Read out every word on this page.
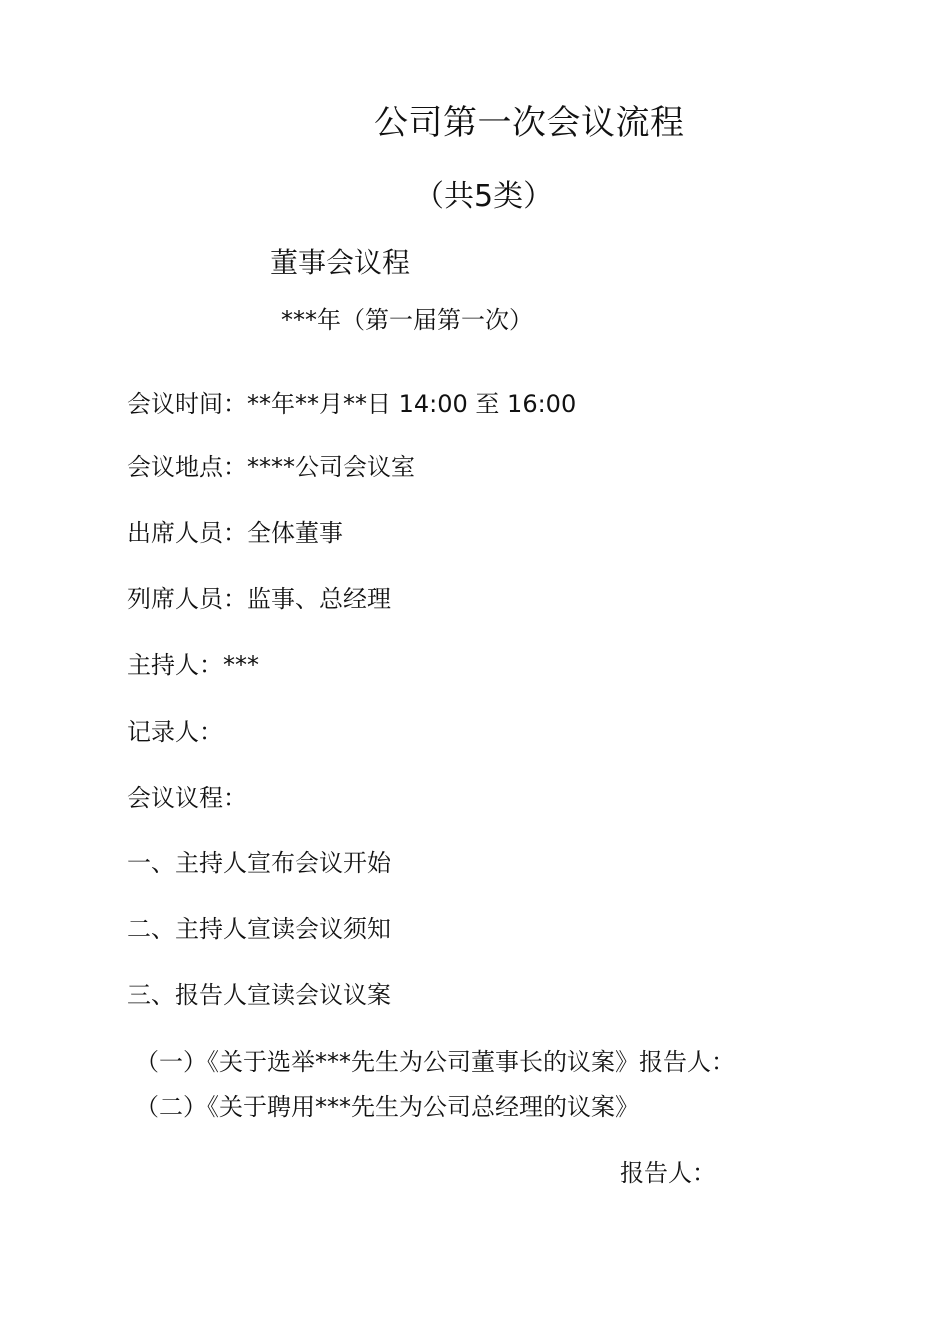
公司第一次会议流程
（共5类）
董事会议程
***年（第一届第一次）
会议时间：**年**月**日 14:00 至 16:00
会议地点：****公司会议室
出席人员：全体董事
列席人员：监事、总经理
主持人：***
记录人：
会议议程：
一、主持人宣布会议开始
二、主持人宣读会议须知
三、报告人宣读会议议案
（一）《关于选举***先生为公司董事长的议案》报告人：
（二）《关于聘用***先生为公司总经理的议案》
报告人：
